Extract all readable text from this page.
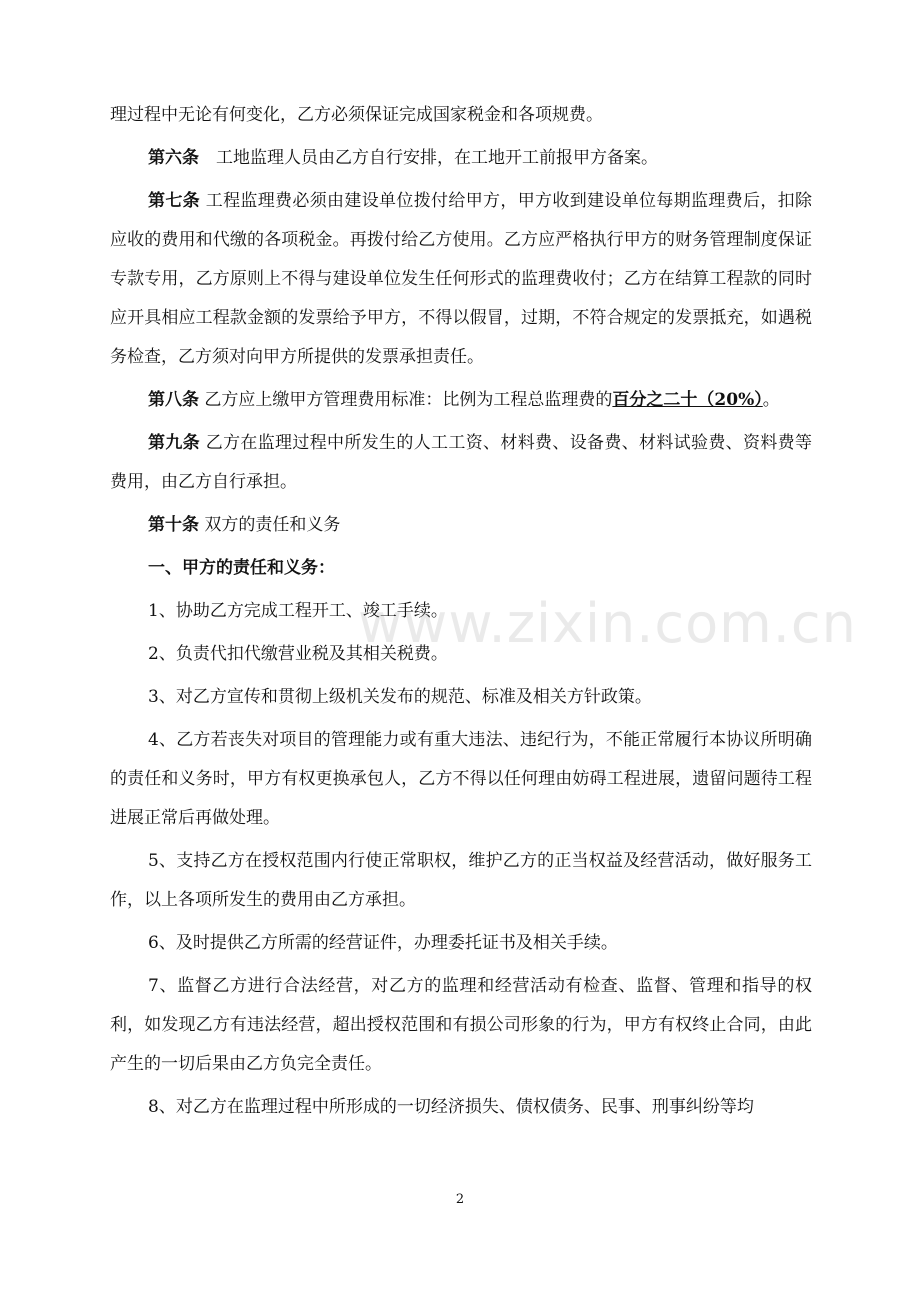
理过程中无论有何变化，乙方必须保证完成国家税金和各项规费。

第六条　工地监理人员由乙方自行安排，在工地开工前报甲方备案。

第七条 工程监理费必须由建设单位拨付给甲方，甲方收到建设单位每期监理费后，扣除应收的费用和代缴的各项税金。再拨付给乙方使用。乙方应严格执行甲方的财务管理制度保证专款专用，乙方原则上不得与建设单位发生任何形式的监理费收付；乙方在结算工程款的同时应开具相应工程款金额的发票给予甲方，不得以假冒，过期，不符合规定的发票抵充，如遇税务检查，乙方须对向甲方所提供的发票承担责任。

第八条 乙方应上缴甲方管理费用标准：比例为工程总监理费的百分之二十（20%）。

第九条 乙方在监理过程中所发生的人工工资、材料费、设备费、材料试验费、资料费等费用，由乙方自行承担。

第十条 双方的责任和义务

一、甲方的责任和义务：

1、协助乙方完成工程开工、竣工手续。

2、负责代扣代缴营业税及其相关税费。

3、对乙方宣传和贯彻上级机关发布的规范、标准及相关方针政策。

4、乙方若丧失对项目的管理能力或有重大违法、违纪行为，不能正常履行本协议所明确的责任和义务时，甲方有权更换承包人，乙方不得以任何理由妨碍工程进展，遗留问题待工程进展正常后再做处理。

5、支持乙方在授权范围内行使正常职权，维护乙方的正当权益及经营活动，做好服务工作，以上各项所发生的费用由乙方承担。

6、及时提供乙方所需的经营证件，办理委托证书及相关手续。

7、监督乙方进行合法经营，对乙方的监理和经营活动有检查、监督、管理和指导的权利，如发现乙方有违法经营，超出授权范围和有损公司形象的行为，甲方有权终止合同，由此产生的一切后果由乙方负完全责任。

8、对乙方在监理过程中所形成的一切经济损失、债权债务、民事、刑事纠纷等均

www.zixin.com.cn
2
